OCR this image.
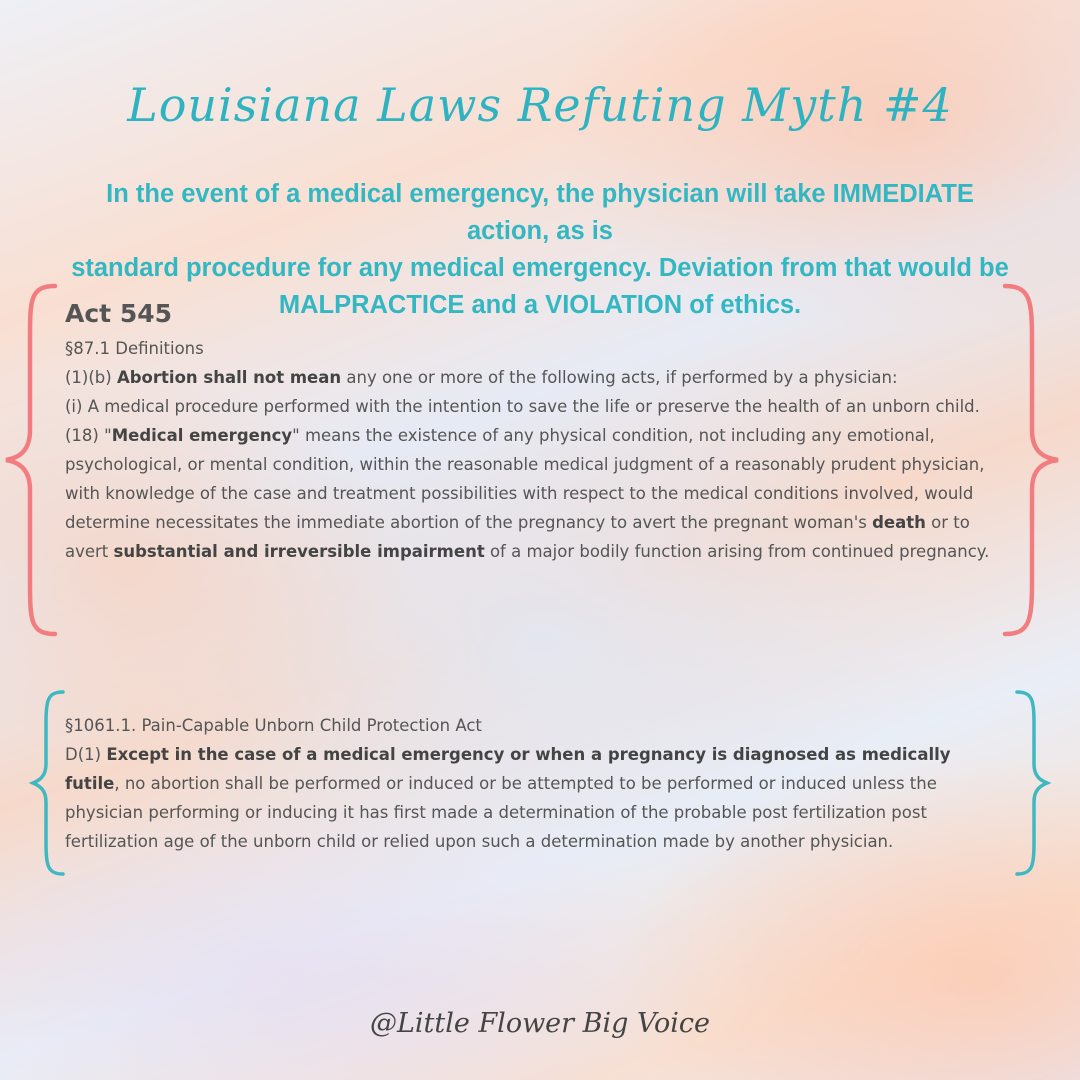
Louisiana Laws Refuting Myth #4
In the event of a medical emergency, the physician will take IMMEDIATE action, as is
standard procedure for any medical emergency. Deviation from that would be
MALPRACTICE and a VIOLATION of ethics.
Act 545
§87.1 Definitions
(1)(b) Abortion shall not mean any one or more of the following acts, if performed by a physician:
(i) A medical procedure performed with the intention to save the life or preserve the health of an unborn child.
(18) "Medical emergency" means the existence of any physical condition, not including any emotional, psychological, or mental condition, within the reasonable medical judgment of a reasonably prudent physician, with knowledge of the case and treatment possibilities with respect to the medical conditions involved, would determine necessitates the immediate abortion of the pregnancy to avert the pregnant woman's death or to avert substantial and irreversible impairment of a major bodily function arising from continued pregnancy.
§1061.1. Pain-Capable Unborn Child Protection Act
D(1) Except in the case of a medical emergency or when a pregnancy is diagnosed as medically futile, no abortion shall be performed or induced or be attempted to be performed or induced unless the physician performing or inducing it has first made a determination of the probable post fertilization post fertilization age of the unborn child or relied upon such a determination made by another physician.
@Little Flower Big Voice
